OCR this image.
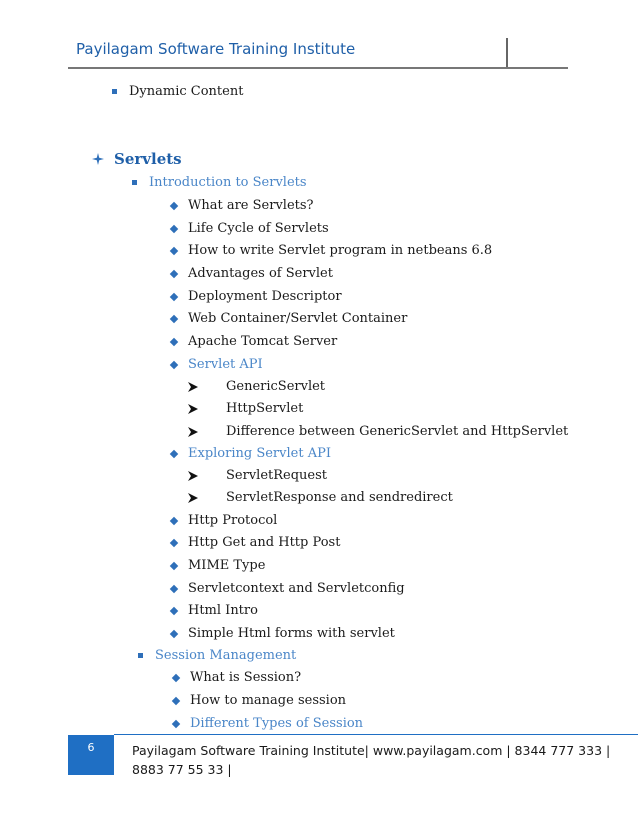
Payilagam Software Training Institute
Dynamic Content
Servlets
Introduction to Servlets
What are Servlets?
Life Cycle of Servlets
How to write Servlet program in netbeans 6.8
Advantages of Servlet
Deployment Descriptor
Web Container/Servlet Container
Apache Tomcat Server
Servlet API
GenericServlet
HttpServlet
Difference between GenericServlet and HttpServlet
Exploring Servlet API
ServletRequest
ServletResponse and sendredirect
Http Protocol
Http Get and Http Post
MIME Type
Servletcontext and Servletconfig
Html Intro
Simple Html forms with servlet
Session Management
What is Session?
How to manage session
Different Types of Session
6	Payilagam Software Training Institute| www.payilagam.com | 8344 777 333 | 8883 77 55 33 |
